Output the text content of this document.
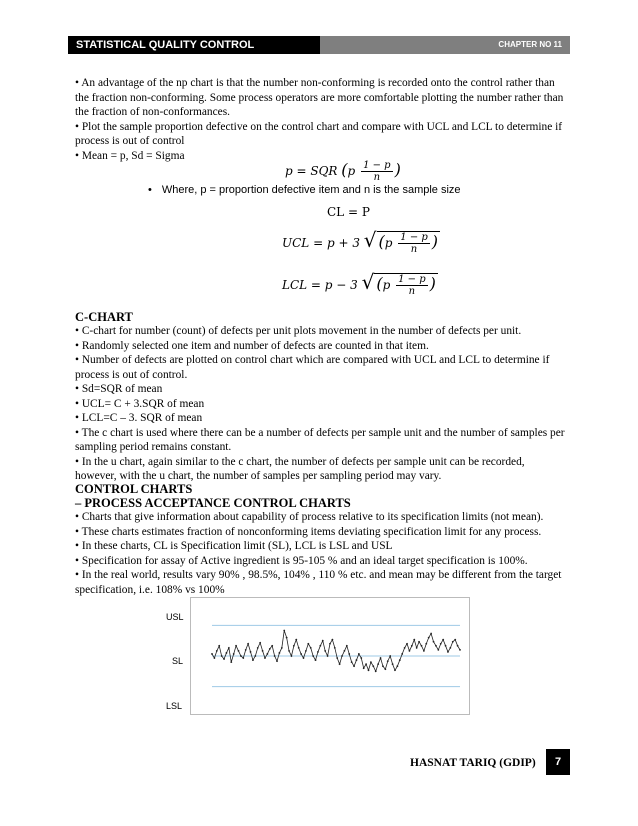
STATISTICAL QUALITY CONTROL	CHAPTER NO 11

• An advantage of the np chart is that the number non-conforming is recorded onto the control rather than the fraction non-conforming. Some process operators are more comfortable plotting the number rather than the fraction of non-conformances.

• Plot the sample proportion defective on the control chart and compare with UCL and LCL to determine if process is out of control

• Mean = p, Sd = Sigma

p = SQR ($p \frac{1 - p}{n}$ )
• Where, p = proportion defective item and n is the sample size
CL = P
UCL = p + 3 √ ($p \frac{1 - p}{n}$ )
LCL = p − 3 √ ($p \frac{1 - p}{n}$ )
C-CHART

• C-chart for number (count) of defects per unit plots movement in the number of defects per unit.

• Randomly selected one item and number of defects are counted in that item.

• Number of defects are plotted on control chart which are compared with UCL and LCL to determine if process is out of control.

• Sd=SQR of mean

• UCL= C + 3.SQR of mean

• LCL=C – 3. SQR of mean

• The c chart is used where there can be a number of defects per sample unit and the number of samples per sampling period remains constant.

• In the u chart, again similar to the c chart, the number of defects per sample unit can be recorded, however, with the u chart, the number of samples per sampling period may vary.

CONTROL CHARTS
– PROCESS ACCEPTANCE CONTROL CHARTS

• Charts that give information about capability of process relative to its specification limits (not mean).

• These charts estimates fraction of nonconforming items deviating specification limit for any process.

• In these charts, CL is Specification limit (SL), LCL is LSL and USL

• Specification for assay of Active ingredient is 95-105 % and an ideal target specification is 100%.

• In the real world, results vary 90% , 98.5%, 104% , 110 % etc. and mean may be different from the target specification, i.e. 108% vs 100%

USL
SL
LSL
HASNAT TARIQ (GDIP)	7
